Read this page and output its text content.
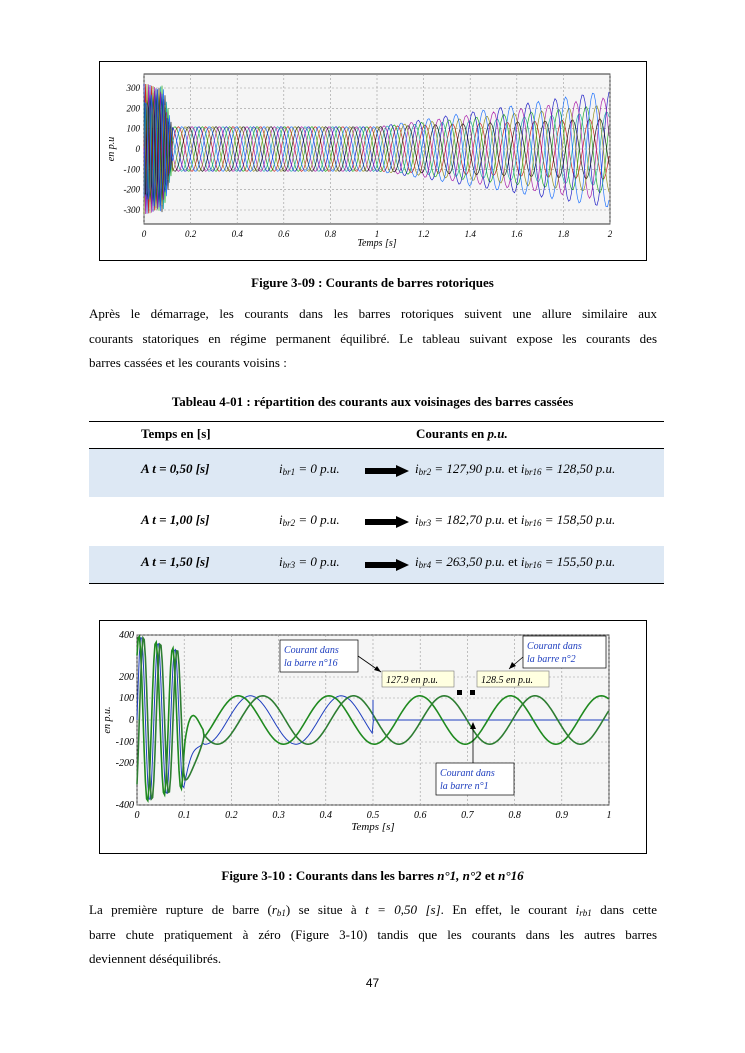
300
200
100
0
-100
-200
-300
0	0.2	0.4	0.6	0.8	1	1.2	1.4	1.6	1.8	2
en p.u
Temps [s]
Figure 3-09 : Courants de barres rotoriques
Après le démarrage, les courants dans les barres rotoriques suivent une allure similaire aux
courants statoriques en régime permanent équilibré. Le tableau suivant expose les courants des
barres cassées et les courants voisins :
Tableau 4-01 : répartition des courants aux voisinages des barres cassées
Temps en [s]	Courants en p.u.
A t = 0,50 [s]	$i_{br1} = 0$ p.u.	$i_{br2} = 127,90$ p.u. et $i_{br16} = 128,50$ p.u.
A t = 1,00 [s]	$i_{br2} = 0$ p.u.	$i_{br3} = 182,70$ p.u. et $i_{br16} = 158,50$ p.u.
A t = 1,50 [s]	$i_{br3} = 0$ p.u.	$i_{br4} = 263,50$ p.u. et $i_{br16} = 155,50$ p.u.
400
200
100
0
-100
-200
-400
0	0.1	0.2	0.3	0.4	0.5	0.6	0.7	0.8	0.9	1
en p.u.
Temps [s]
Courant dans
la barre n°16
Courant dans
la barre n°2
Courant dans
la barre n°1
127.9 en p.u.	128.5 en p.u.
Figure 3-10 : Courants dans les barres n°1, n°2 et n°16
La première rupture de barre $(r_{b1})$ se situe à t = 0,50 [s]. En effet, le courant $i_{rb1}$ dans cette
barre chute pratiquement à zéro (Figure 3-10) tandis que les courants dans les autres barres
deviennent déséquilibrés.
47
